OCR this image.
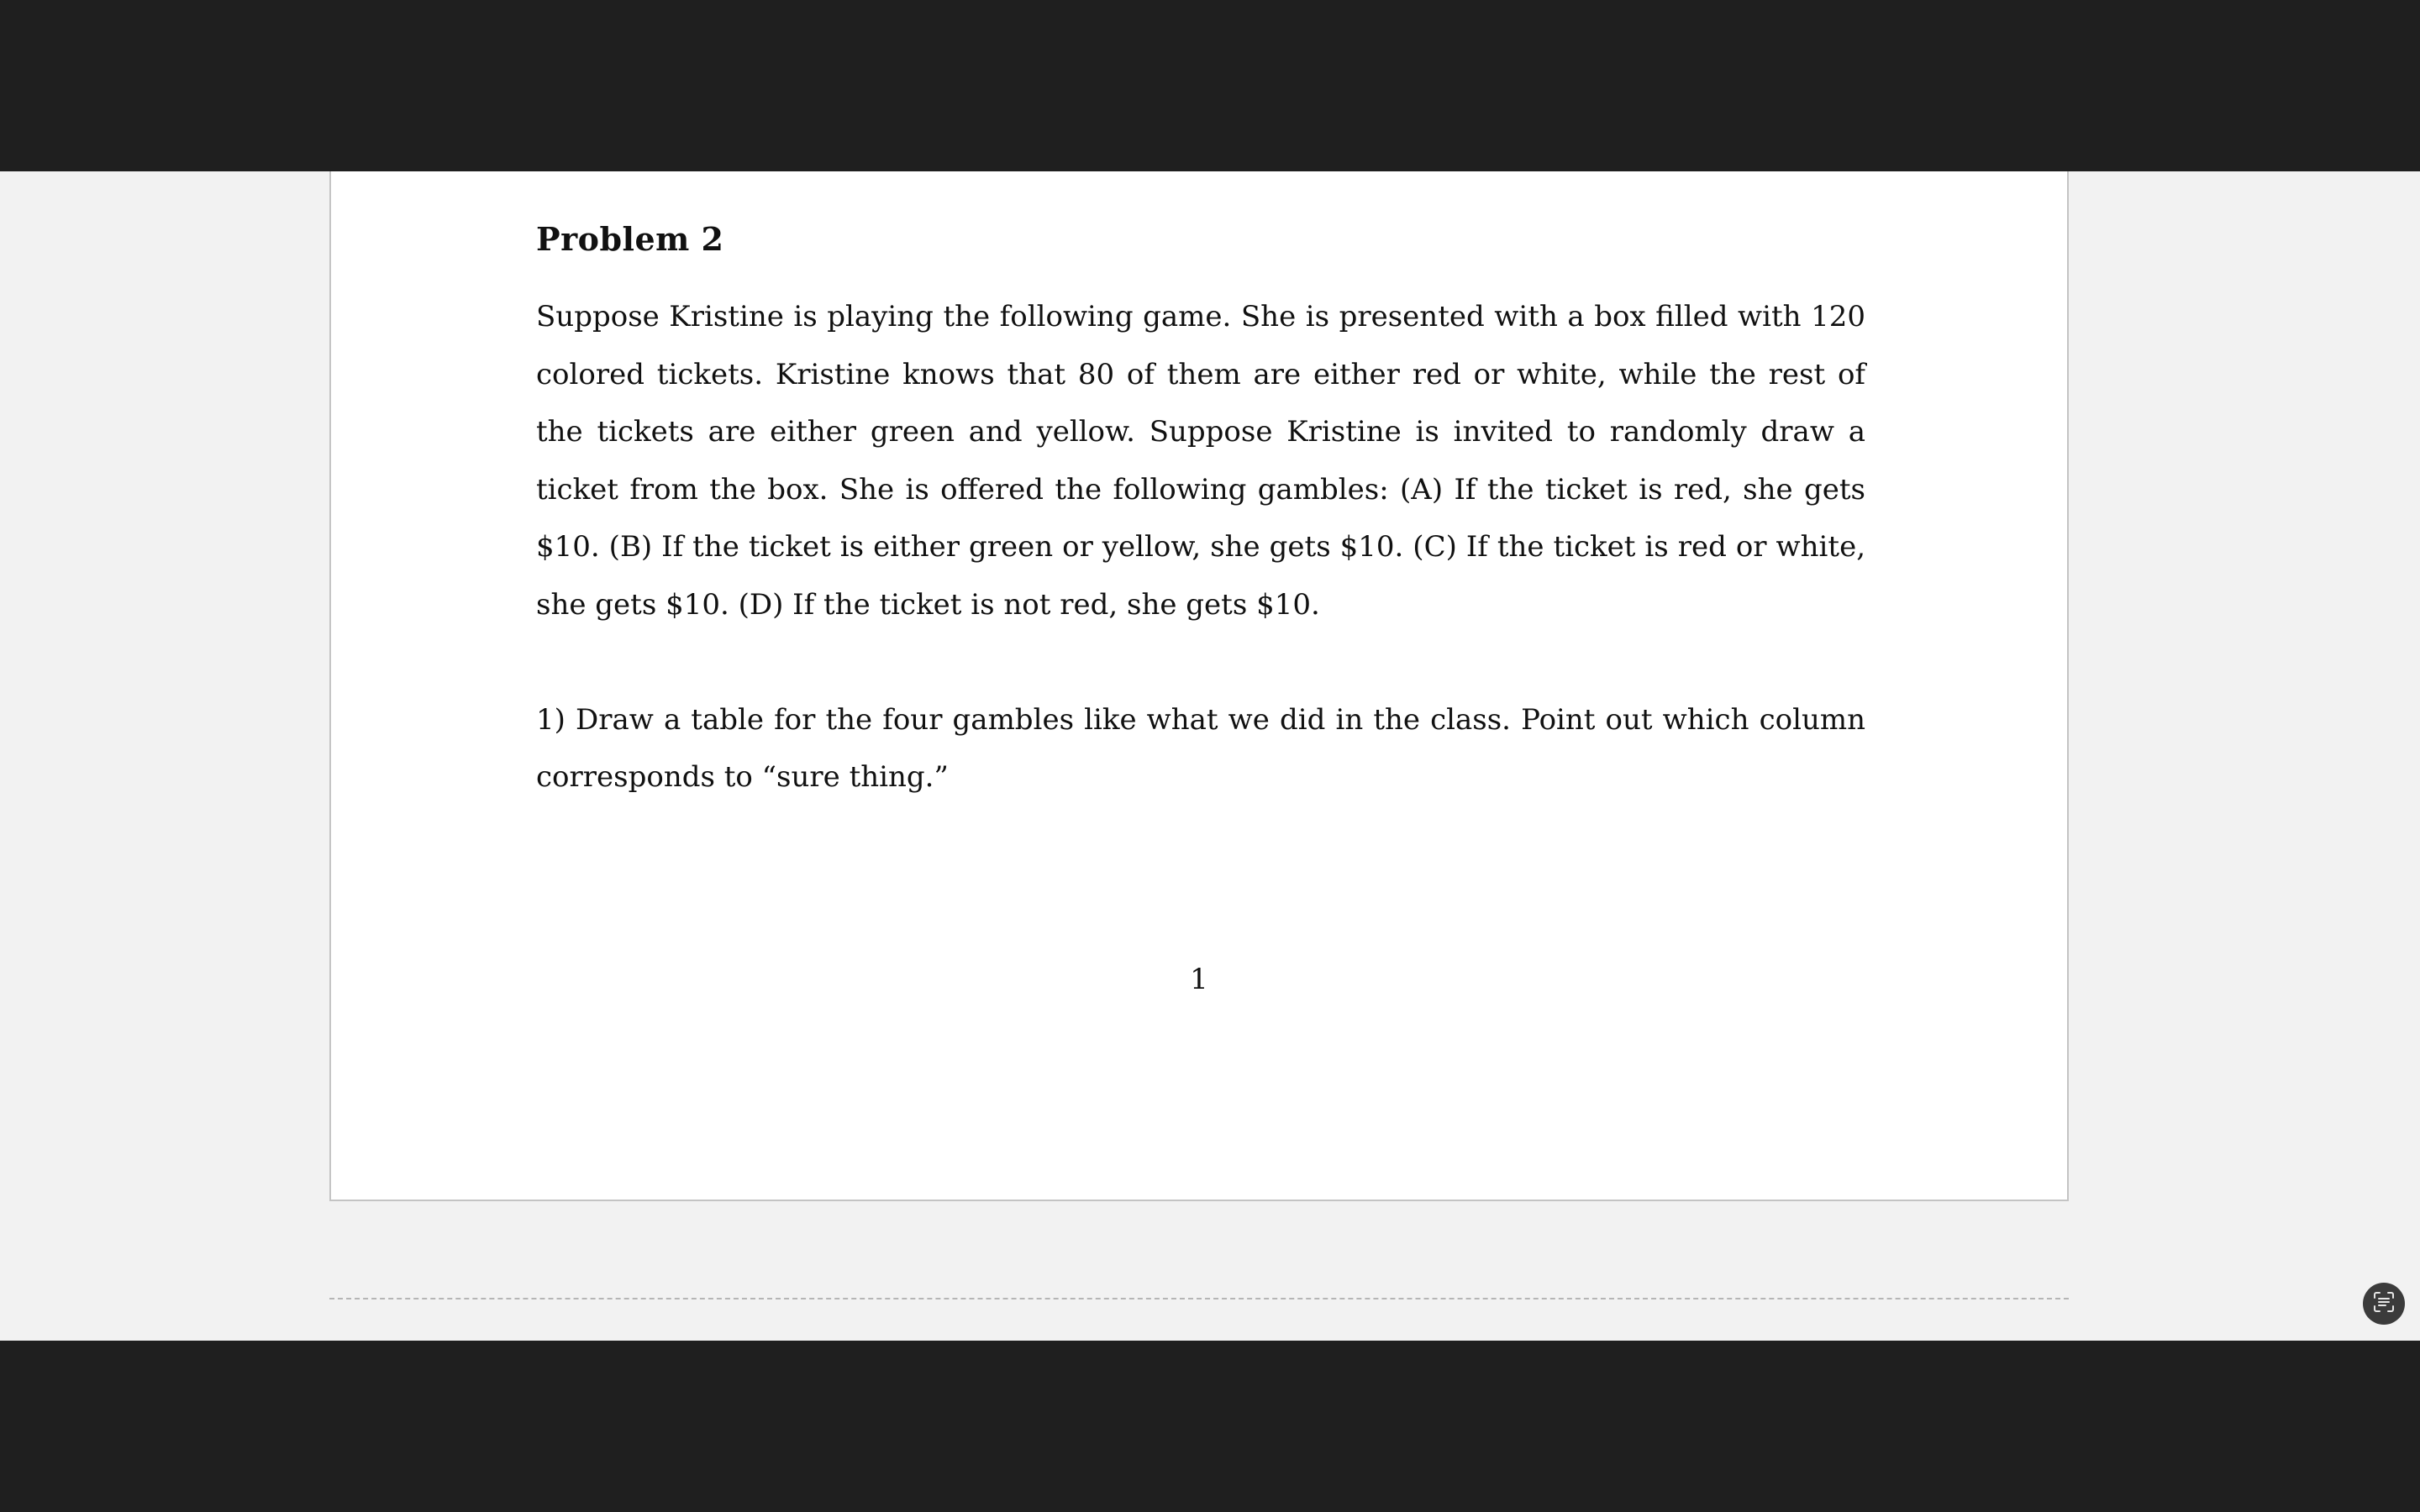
Problem 2

Suppose Kristine is playing the following game. She is presented with a box filled with 120 colored tickets. Kristine knows that 80 of them are either red or white, while the rest of the tickets are either green and yellow. Suppose Kristine is invited to randomly draw a ticket from the box. She is offered the following gambles: (A) If the ticket is red, she gets $10. (B) If the ticket is either green or yellow, she gets $10. (C) If the ticket is red or white, she gets $10. (D) If the ticket is not red, she gets $10.

1) Draw a table for the four gambles like what we did in the class. Point out which column corresponds to “sure thing.”

1
